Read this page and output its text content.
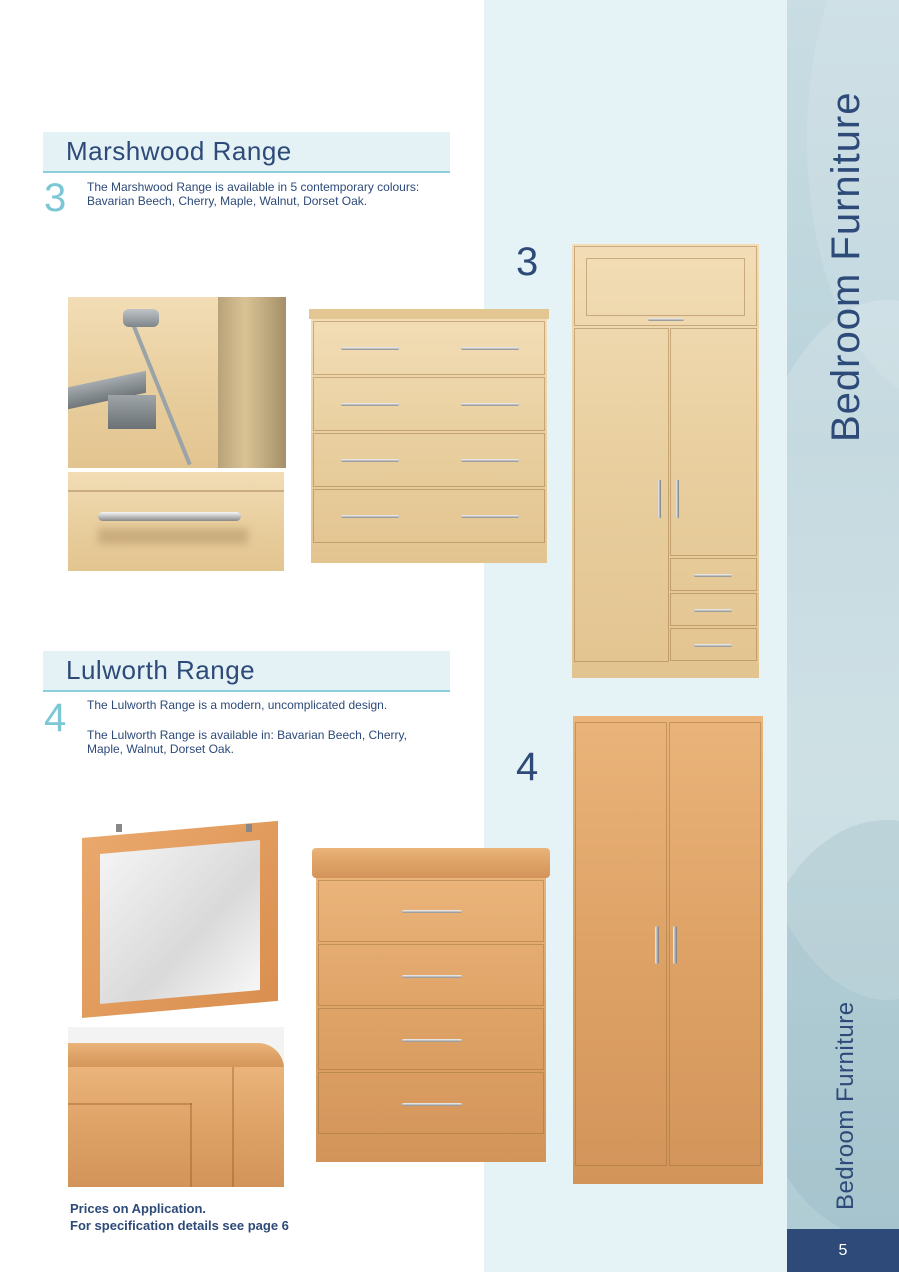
Bedroom Furniture
Bedroom Furniture
5
Marshwood Range
3 The Marshwood Range is available in 5 contemporary colours: Bavarian Beech, Cherry, Maple, Walnut, Dorset Oak.
Lulworth Range
4 The Lulworth Range is a modern, uncomplicated design.
The Lulworth Range is available in: Bavarian Beech, Cherry, Maple, Walnut, Dorset Oak.
3
4
Prices on Application.
For specification details see page 6
